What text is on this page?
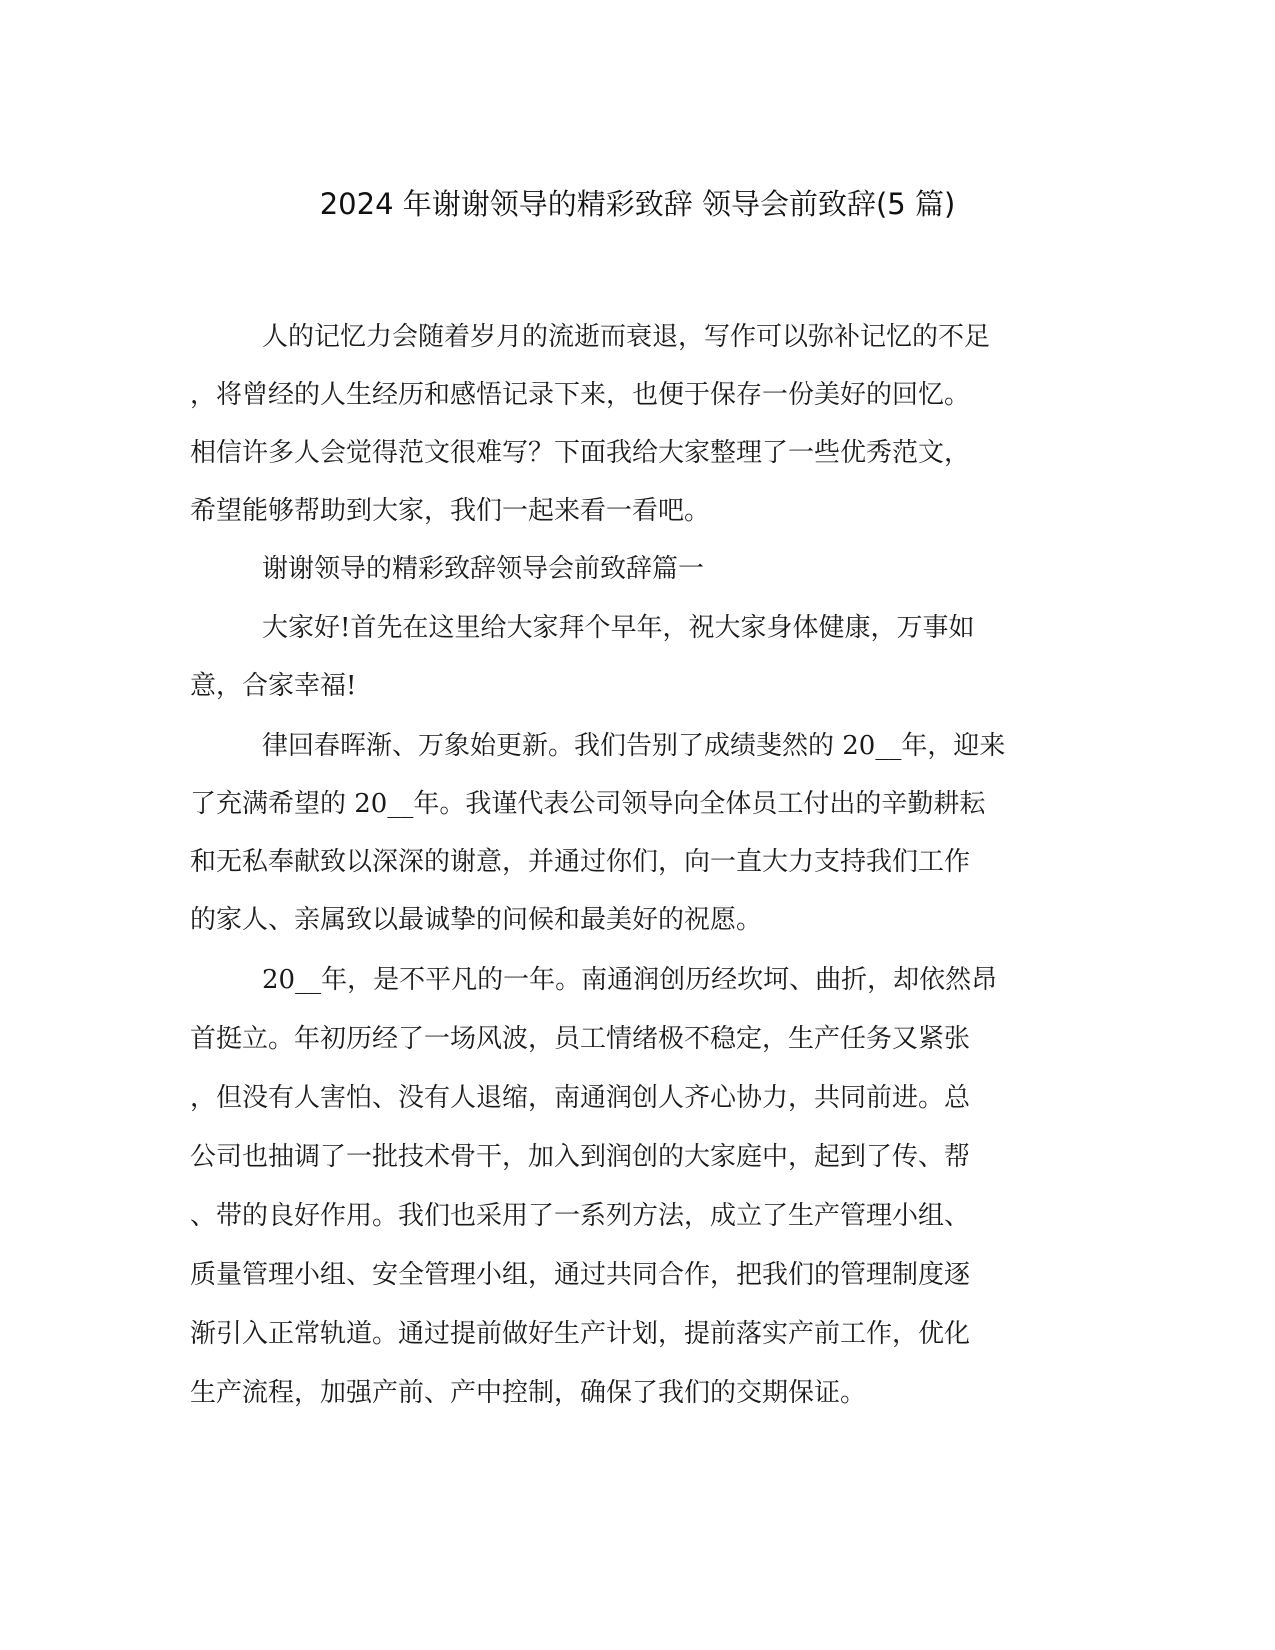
2024 年谢谢领导的精彩致辞 领导会前致辞(5 篇)
人的记忆力会随着岁月的流逝而衰退，写作可以弥补记忆的不足
，将曾经的人生经历和感悟记录下来，也便于保存一份美好的回忆。
相信许多人会觉得范文很难写？下面我给大家整理了一些优秀范文，
希望能够帮助到大家，我们一起来看一看吧。
谢谢领导的精彩致辞领导会前致辞篇一
大家好!首先在这里给大家拜个早年，祝大家身体健康，万事如
意，合家幸福!
律回春晖渐、万象始更新。我们告别了成绩斐然的 20__年，迎来
了充满希望的 20__年。我谨代表公司领导向全体员工付出的辛勤耕耘
和无私奉献致以深深的谢意，并通过你们，向一直大力支持我们工作
的家人、亲属致以最诚挚的问候和最美好的祝愿。
20__年，是不平凡的一年。南通润创历经坎坷、曲折，却依然昂
首挺立。年初历经了一场风波，员工情绪极不稳定，生产任务又紧张
，但没有人害怕、没有人退缩，南通润创人齐心协力，共同前进。总
公司也抽调了一批技术骨干，加入到润创的大家庭中，起到了传、帮
、带的良好作用。我们也采用了一系列方法，成立了生产管理小组、
质量管理小组、安全管理小组，通过共同合作，把我们的管理制度逐
渐引入正常轨道。通过提前做好生产计划，提前落实产前工作，优化
生产流程，加强产前、产中控制，确保了我们的交期保证。
